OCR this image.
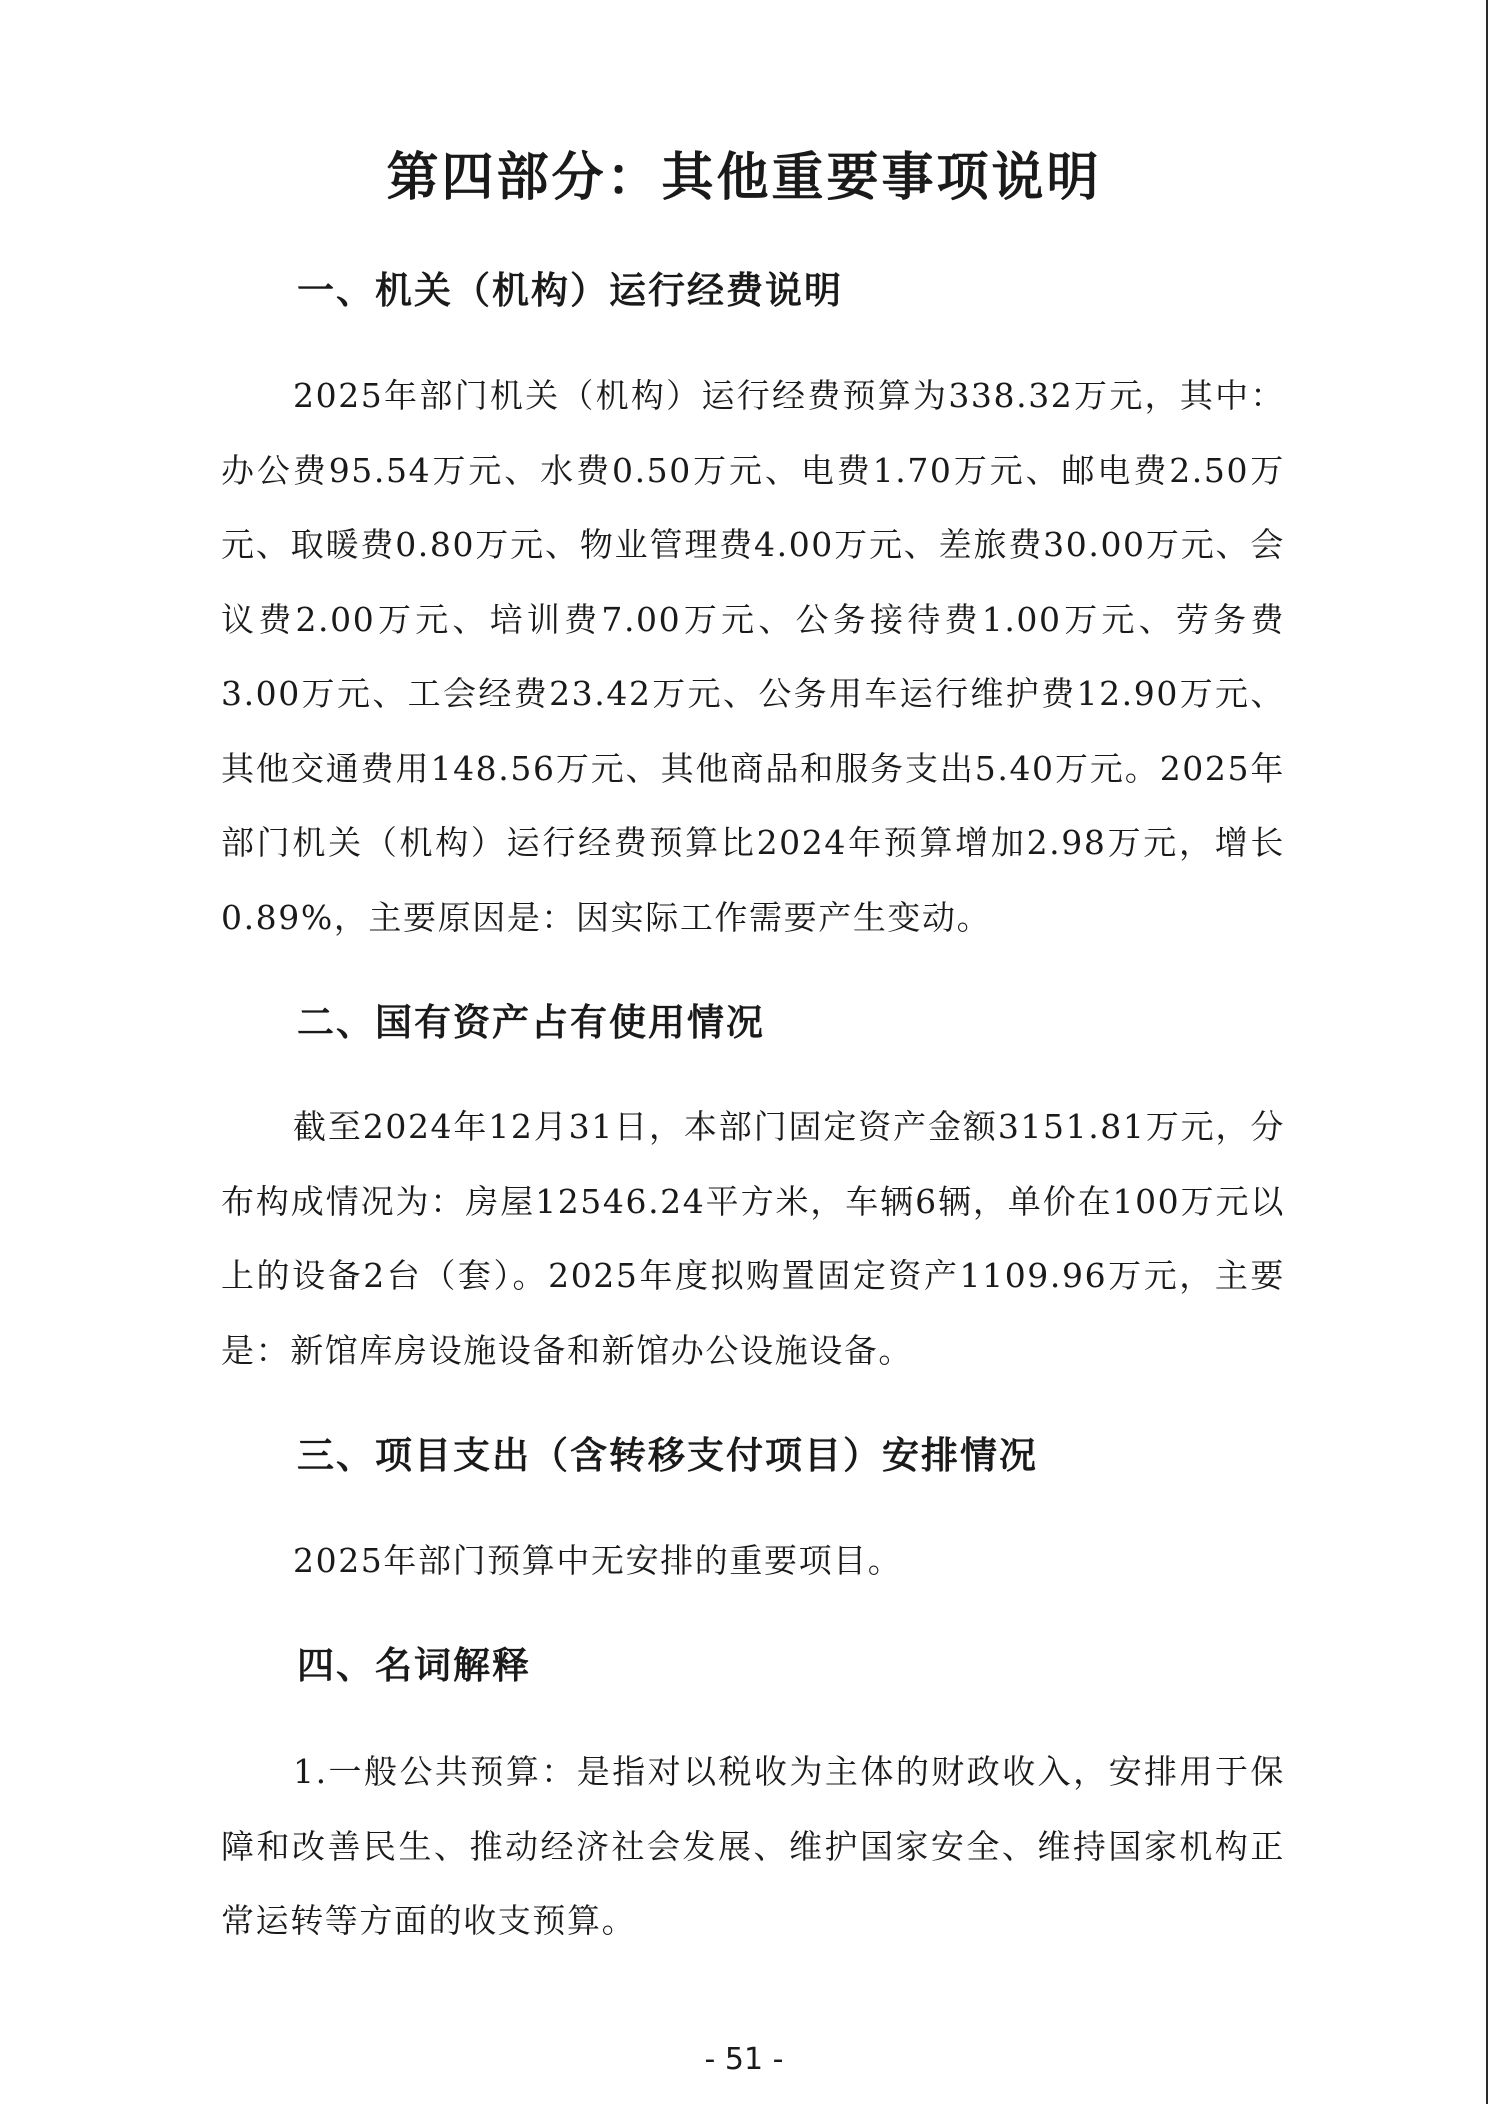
第四部分：其他重要事项说明
一、机关（机构）运行经费说明

2025年部门机关（机构）运行经费预算为338.32万元，其中：办公费95.54万元、水费0.50万元、电费1.70万元、邮电费2.50万元、取暖费0.80万元、物业管理费4.00万元、差旅费30.00万元、会议费2.00万元、培训费7.00万元、公务接待费1.00万元、劳务费3.00万元、工会经费23.42万元、公务用车运行维护费12.90万元、其他交通费用148.56万元、其他商品和服务支出5.40万元。2025年部门机关（机构）运行经费预算比2024年预算增加2.98万元，增长0.89%，主要原因是：因实际工作需要产生变动。

二、国有资产占有使用情况

截至2024年12月31日，本部门固定资产金额3151.81万元，分布构成情况为：房屋12546.24平方米，车辆6辆，单价在100万元以上的设备2台（套）。2025年度拟购置固定资产1109.96万元，主要是：新馆库房设施设备和新馆办公设施设备。

三、项目支出（含转移支付项目）安排情况

2025年部门预算中无安排的重要项目。

四、名词解释

1.一般公共预算：是指对以税收为主体的财政收入，安排用于保障和改善民生、推动经济社会发展、维护国家安全、维持国家机构正常运转等方面的收支预算。

- 51 -
